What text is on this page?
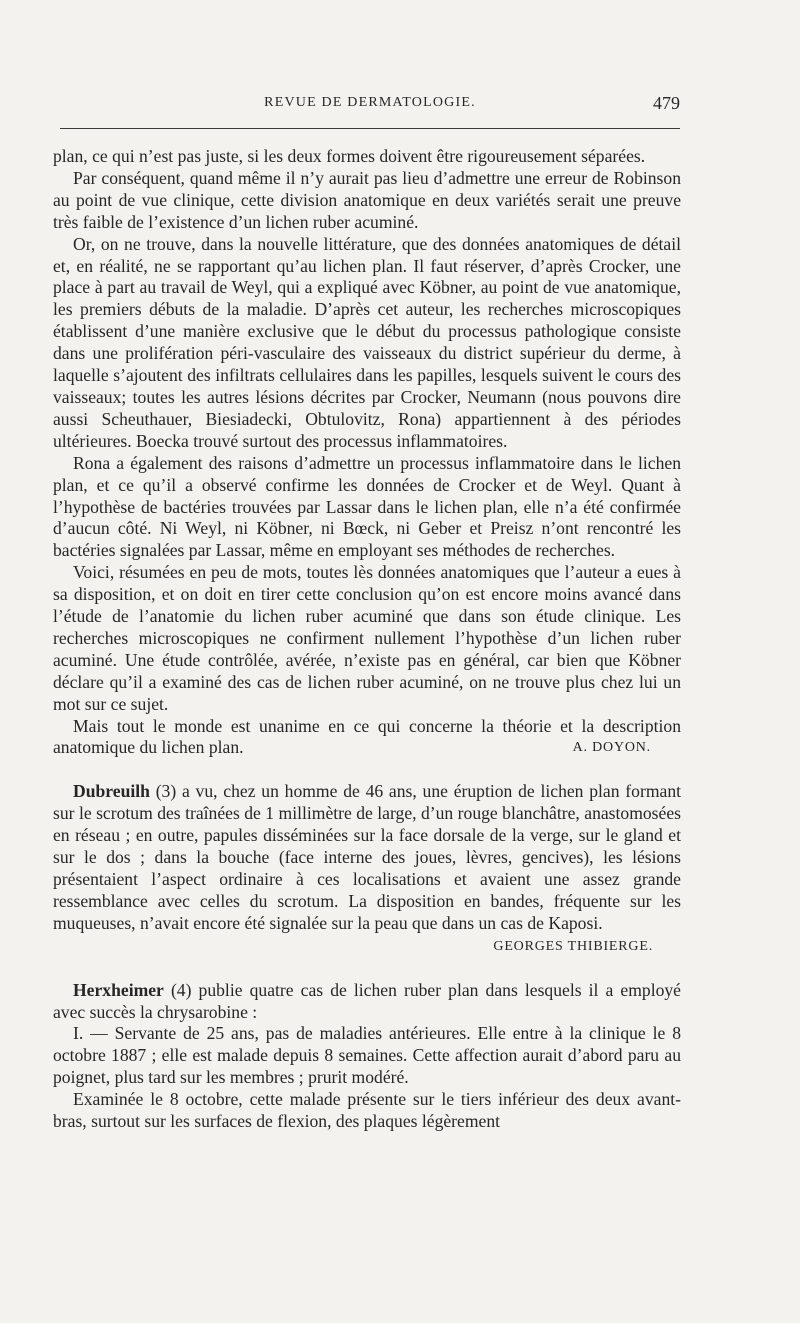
REVUE DE DERMATOLOGIE.	479

plan, ce qui n’est pas juste, si les deux formes doivent être rigoureusement séparées.

Par conséquent, quand même il n’y aurait pas lieu d’admettre une erreur de Robinson au point de vue clinique, cette division anatomique en deux variétés serait une preuve très faible de l’existence d’un lichen ruber acuminé.

Or, on ne trouve, dans la nouvelle littérature, que des données anatomiques de détail et, en réalité, ne se rapportant qu’au lichen plan. Il faut réserver, d’après Crocker, une place à part au travail de Weyl, qui a expliqué avec Köbner, au point de vue anatomique, les premiers débuts de la maladie. D’après cet auteur, les recherches microscopiques établissent d’une manière exclusive que le début du processus pathologique consiste dans une prolifération péri-vasculaire des vaisseaux du district supérieur du derme, à laquelle s’ajoutent des infiltrats cellulaires dans les papilles, lesquels suivent le cours des vaisseaux; toutes les autres lésions décrites par Crocker, Neumann (nous pouvons dire aussi Scheuthauer, Biesiadecki, Obtulovitz, Rona) appartiennent à des périodes ultérieures. Boecka trouvé surtout des processus inflammatoires.

Rona a également des raisons d’admettre un processus inflammatoire dans le lichen plan, et ce qu’il a observé confirme les données de Crocker et de Weyl. Quant à l’hypothèse de bactéries trouvées par Lassar dans le lichen plan, elle n’a été confirmée d’aucun côté. Ni Weyl, ni Köbner, ni Bœck, ni Geber et Preisz n’ont rencontré les bactéries signalées par Lassar, même en employant ses méthodes de recherches.

Voici, résumées en peu de mots, toutes lès données anatomiques que l’auteur a eues à sa disposition, et on doit en tirer cette conclusion qu’on est encore moins avancé dans l’étude de l’anatomie du lichen ruber acuminé que dans son étude clinique. Les recherches microscopiques ne confirment nullement l’hypothèse d’un lichen ruber acuminé. Une étude contrôlée, avérée, n’existe pas en général, car bien que Köbner déclare qu’il a examiné des cas de lichen ruber acuminé, on ne trouve plus chez lui un mot sur ce sujet.

Mais tout le monde est unanime en ce qui concerne la théorie et la description anatomique du lichen plan.	A. DOYON.

Dubreuilh (3) a vu, chez un homme de 46 ans, une éruption de lichen plan formant sur le scrotum des traînées de 1 millimètre de large, d’un rouge blanchâtre, anastomosées en réseau ; en outre, papules disséminées sur la face dorsale de la verge, sur le gland et sur le dos ; dans la bouche (face interne des joues, lèvres, gencives), les lésions présentaient l’aspect ordinaire à ces localisations et avaient une assez grande ressemblance avec celles du scrotum. La disposition en bandes, fréquente sur les muqueuses, n’avait encore été signalée sur la peau que dans un cas de Kaposi.

GEORGES THIBIERGE.

Herxheimer (4) publie quatre cas de lichen ruber plan dans lesquels il a employé avec succès la chrysarobine :

I. — Servante de 25 ans, pas de maladies antérieures. Elle entre à la clinique le 8 octobre 1887 ; elle est malade depuis 8 semaines. Cette affection aurait d’abord paru au poignet, plus tard sur les membres ; prurit modéré.

Examinée le 8 octobre, cette malade présente sur le tiers inférieur des deux avant-bras, surtout sur les surfaces de flexion, des plaques légèrement
